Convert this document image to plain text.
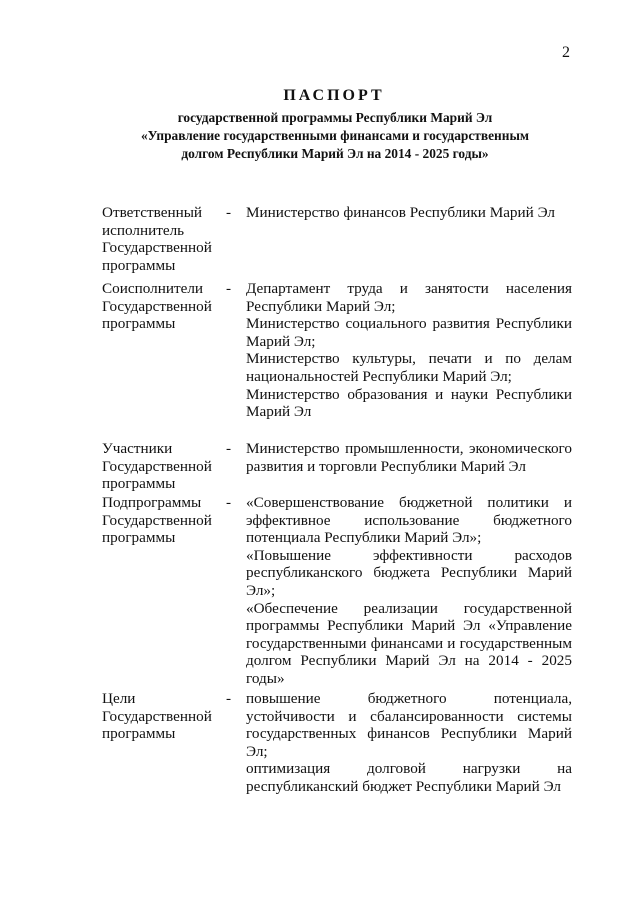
2
ПАСПОРТ
государственной программы Республики Марий Эл
«Управление государственными финансами и государственным
долгом Республики Марий Эл на 2014 - 2025 годы»
Ответственный исполнитель Государственной программы
- Министерство финансов Республики Марий Эл

Соисполнители Государственной программы
- Департамент труда и занятости населения Республики Марий Эл;

Министерство социального развития Республики Марий Эл;

Министерство культуры, печати и по делам национальностей Республики Марий Эл;

Министерство образования и науки Республики Марий Эл

Участники Государственной программы
- Министерство промышленности, экономического развития и торговли Республики Марий Эл

Подпрограммы Государственной программы
- «Совершенствование бюджетной политики и эффективное использование бюджетного потенциала Республики Марий Эл»;

«Повышение эффективности расходов республиканского бюджета Республики Марий Эл»;

«Обеспечение реализации государственной программы Республики Марий Эл «Управление государственными финансами и государственным долгом Республики Марий Эл на 2014 - 2025 годы»

Цели Государственной программы
- повышение бюджетного потенциала, устойчивости и сбалансированности системы государственных финансов Республики Марий Эл;

оптимизация долговой нагрузки на республиканский бюджет Республики Марий Эл
